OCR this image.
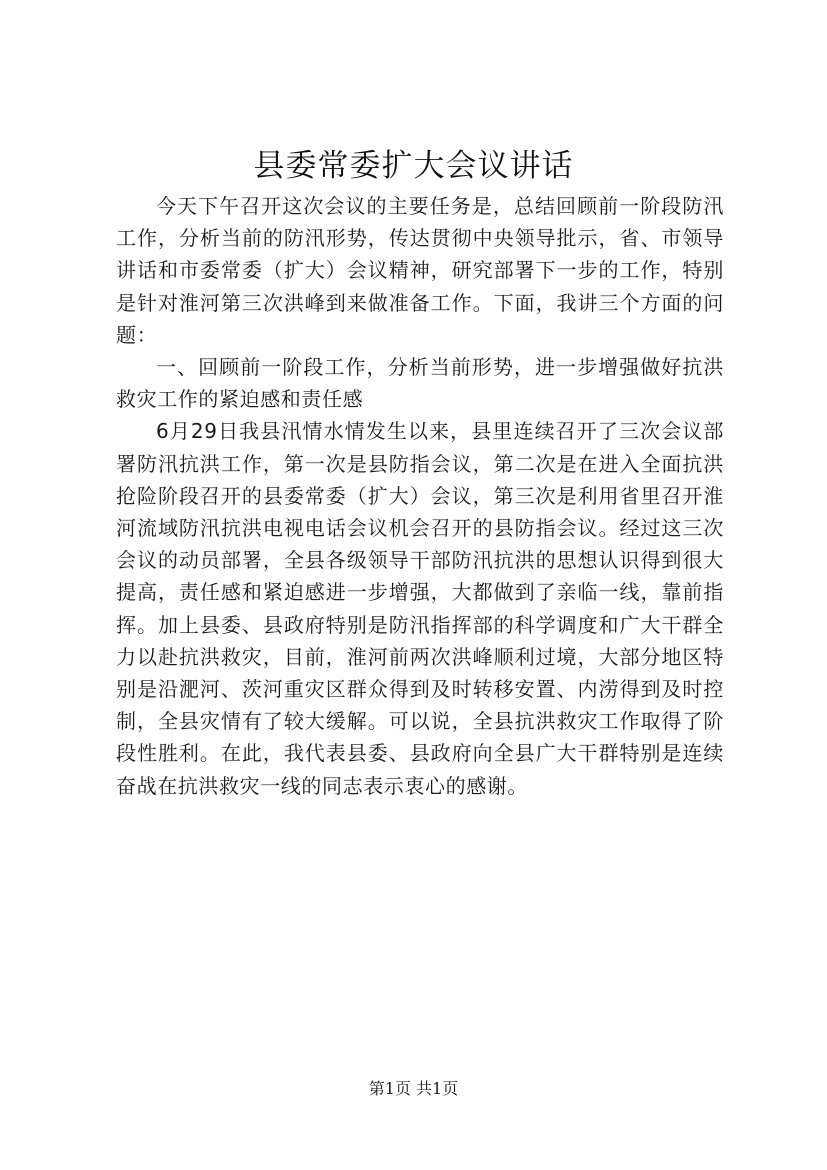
县委常委扩大会议讲话

今天下午召开这次会议的主要任务是，总结回顾前一阶段防汛工作，分析当前的防汛形势，传达贯彻中央领导批示，省、市领导讲话和市委常委（扩大）会议精神，研究部署下一步的工作，特别是针对淮河第三次洪峰到来做准备工作。下面，我讲三个方面的问题：

一、回顾前一阶段工作，分析当前形势，进一步增强做好抗洪救灾工作的紧迫感和责任感

6月29日我县汛情水情发生以来，县里连续召开了三次会议部署防汛抗洪工作，第一次是县防指会议，第二次是在进入全面抗洪抢险阶段召开的县委常委（扩大）会议，第三次是利用省里召开淮河流域防汛抗洪电视电话会议机会召开的县防指会议。经过这三次会议的动员部署，全县各级领导干部防汛抗洪的思想认识得到很大提高，责任感和紧迫感进一步增强，大都做到了亲临一线，靠前指挥。加上县委、县政府特别是防汛指挥部的科学调度和广大干群全力以赴抗洪救灾，目前，淮河前两次洪峰顺利过境，大部分地区特别是沿淝河、茨河重灾区群众得到及时转移安置、内涝得到及时控制，全县灾情有了较大缓解。可以说，全县抗洪救灾工作取得了阶段性胜利。在此，我代表县委、县政府向全县广大干群特别是连续奋战在抗洪救灾一线的同志表示衷心的感谢。

第1页 共1页
